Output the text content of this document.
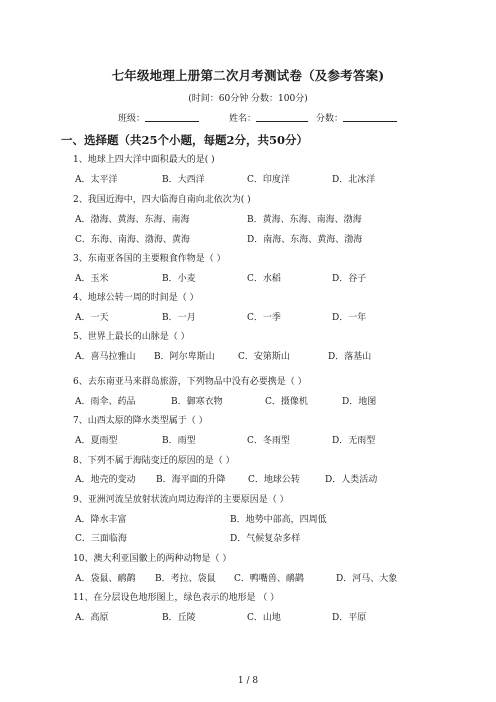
七年级地理上册第二次月考测试卷（及参考答案)
(时间：60分钟 分数：100分)
班级：	姓名：	分数：
一、选择题（共25个小题，每题2分，共50分）
1、地球上四大洋中面积最大的是( )
A．太平洋	B．大西洋	C．印度洋	D．北冰洋
2、我国近海中，四大临海自南向北依次为( )
A．渤海、黄海、东海、南海	B．黄海、东海、南海、渤海
C．东海、南海、渤海、黄海	D．南海、东海、黄海、渤海
3、东南亚各国的主要粮食作物是（ ）
A．玉米	B．小麦	C．水稻	D．谷子
4、地球公转一周的时间是（ ）
A．一天	B．一月	C．一季	D．一年
5、世界上最长的山脉是（ ）
A．喜马拉雅山 B．阿尔卑斯山	C．安第斯山	D．落基山
6、去东南亚马来群岛旅游，下列物品中没有必要携是（ ）
A．雨伞、药品	B．御寒衣物	C．摄像机	D．地图
7、山西太原的降水类型属于（ ）
A．夏雨型	B．雨型	C．冬雨型	D．无雨型
8、下列不属于海陆变迁的原因的是（ ）
A．地壳的变动 B．海平面的升降 C．地球公转	D．人类活动
9、亚洲河流呈放射状流向周边海洋的主要原因是（ ）
A．降水丰富	B．地势中部高，四周低
C．三面临海	D．气候复杂多样
10、澳大利亚国徽上的两种动物是（ ）
A．袋鼠、鸸鹋 B．考拉、袋鼠 C．鸭嘴兽、鸸鹋	D．河马、大象
11、在分层设色地形图上，绿色表示的地形是 （ ）
A．高原	B．丘陵	C．山地	D．平原
1 / 8
